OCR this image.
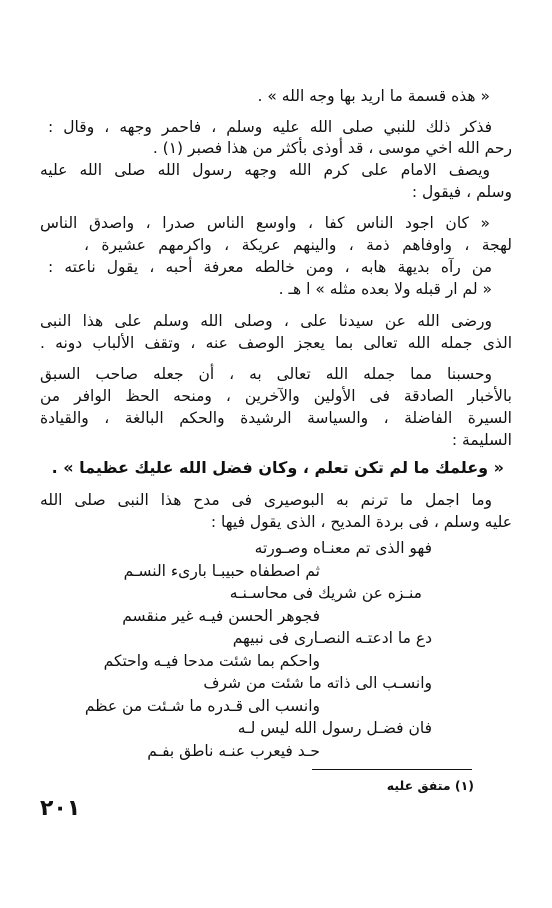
« هذه قسمة ما اريد بها وجه الله » .
فذكر ذلك للنبي صلى الله عليه وسلم ، فاحمر وجهه ، وقال :
رحم الله اخي موسى ، قد أوذى بأكثر من هذا فصبر (١) .
ويصف الامام على كرم الله وجهه رسول الله صلى الله عليه
وسلم ، فيقول :
« كان اجود الناس كفا ، واوسع الناس صدرا ، واصدق الناس
لهجة ، واوفاهم ذمة ، والينهم عريكة ، واكرمهم عشيرة ،
من رآه بديهة هابه ، ومن خالطه معرفة أحبه ، يقول ناعته :
« لم ار قبله ولا بعده مثله » ا هـ .
ورضى الله عن سيدنا على ، وصلى الله وسلم على هذا النبى
الذى جمله الله تعالى بما يعجز الوصف عنه ، وتقف الألباب دونه .
وحسبنا مما جمله الله تعالى به ، أن جعله صاحب السبق
بالأخبار الصادقة فى الأولين والآخرين ، ومنحه الحظ الوافر من
السيرة الفاضلة ، والسياسة الرشيدة والحكم البالغة ، والقيادة
السليمة :
« وعلمك ما لم تكن تعلم ، وكان فضل الله عليك عظيما » .
وما اجمل ما ترنم به البوصيرى فى مدح هذا النبى صلى الله
عليه وسلم ، فى بردة المديح ، الذى يقول فيها :
فهو الذى تم معنـاه وصـورته
ثم اصطفاه حبيبـا بارىء النسـم
منـزه عن شريك فى محاسـنـه
فجوهر الحسن فيـه غير منقسم
دع ما ادعتـه النصـارى فى نبيهم
واحكم بما شئت مدحا فيـه واحتكم
وانسـب الى ذاته ما شئت من شرف
وانسب الى قـدره ما شـئت من عظم
فان فضـل رسول الله ليس لـه
حـد فيعرب عنـه ناطق بفـم
(١) متفق عليه
٢٠١
